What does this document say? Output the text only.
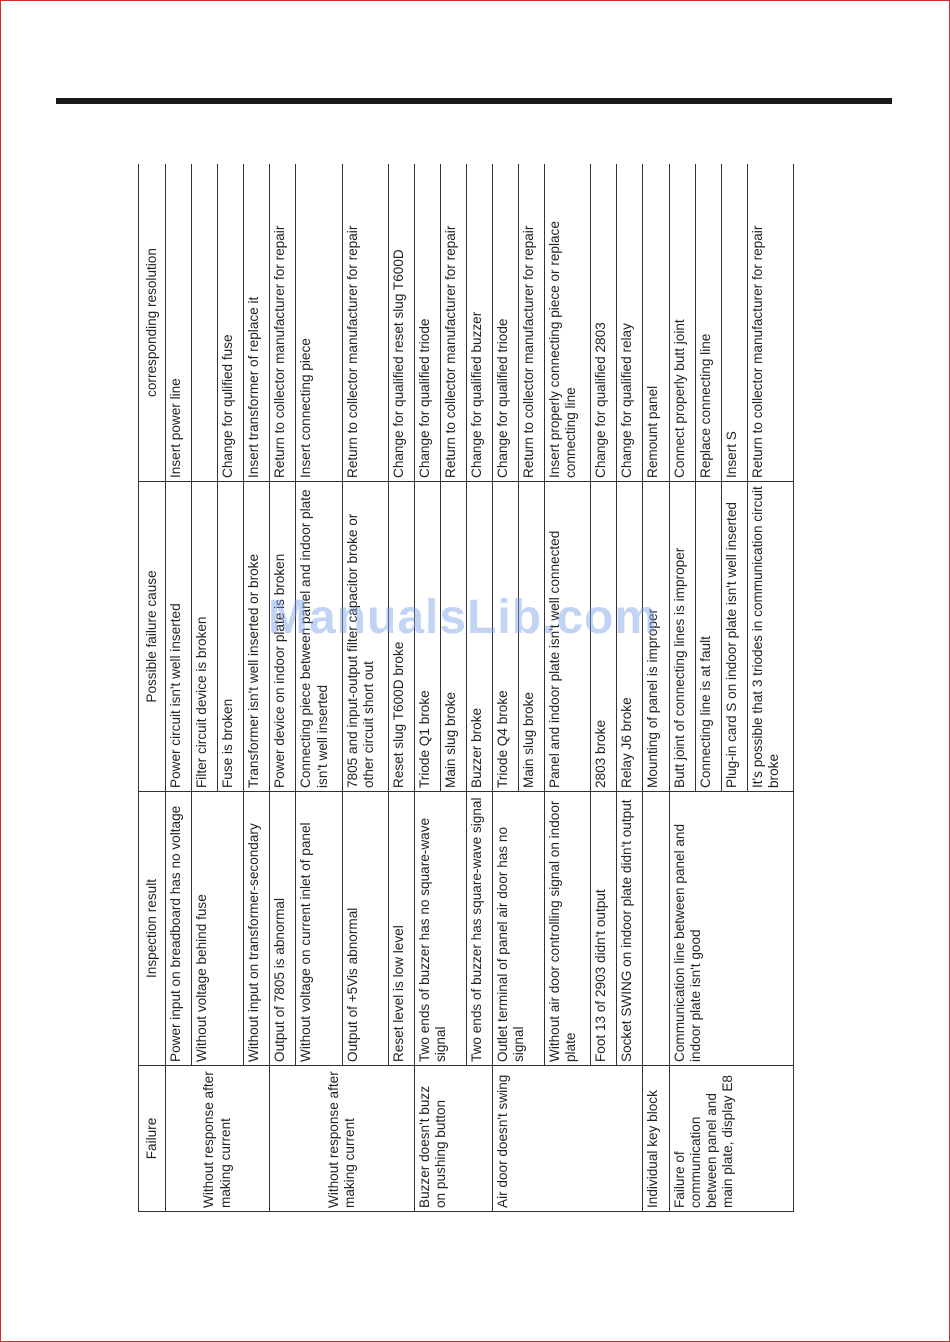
Failure	Inspection result	Possible failure cause	corresponding resolution
Without response after making current	Power input on breadboard has no voltage	Power circuit isn't well inserted	Insert power line
	Without voltage behind fuse	Filter circuit device is broken	
		Fuse is broken	Change for qulified fuse
	Without input on transformer-secondary	Transformer isn't well inserted or broke	Insert transformer of replace it
Without response after making current	Output of 7805 is abnormal	Power device on indoor plate is broken	Return to collector manufacturer for repair
	Without voltage on current inlet of panel	Connecting piece between panel and indoor plate isn't well inserted	Insert connecting piece
	Output of +5Vis abnormal	7805 and input-output filter capacitor broke or other circuit short out	Return to collector manufacturer for repair
	Reset level is low level	Reset slug T600D broke	Change for qualified reset slug T600D
Buzzer doesn't buzz on pushing button	Two ends of buzzer has no square-wave signal	Triode Q1 broke	Change for qualified triode
		Main slug broke	Return to collector manufacturer for repair
	Two ends of buzzer has square-wave signal	Buzzer broke	Change for qualified buzzer
Air door doesn't swing	Outlet terminal of panel air door has no signal	Triode Q4 broke	Change for qualified triode
		Main slug broke	Return to collector manufacturer for repair
	Without air door controlling signal on indoor plate	Panel and indoor plate isn't well connected	Insert properly connecting piece or replace connecting line
	Foot 13 of 2903 didn't output	2803 broke	Change for qualified 2803
	Socket SWING on indoor plate didn't output	Relay J6 broke	Change for qualified relay
Individual key block		Mounting of panel is improper	Remount panel
Failure of communication between panel and main plate, display E8	Communication line between panel and indoor plate isn't good	Butt joint of connecting lines is improper	Connect properly butt joint
		Connecting line is at fault	Replace connecting line
		Plug-in card S on indoor plate isn't well inserted	Insert S
		It's possible that 3 triodes in communication circuit broke	Return to collector manufacturer for repair
ManualsLib.com
